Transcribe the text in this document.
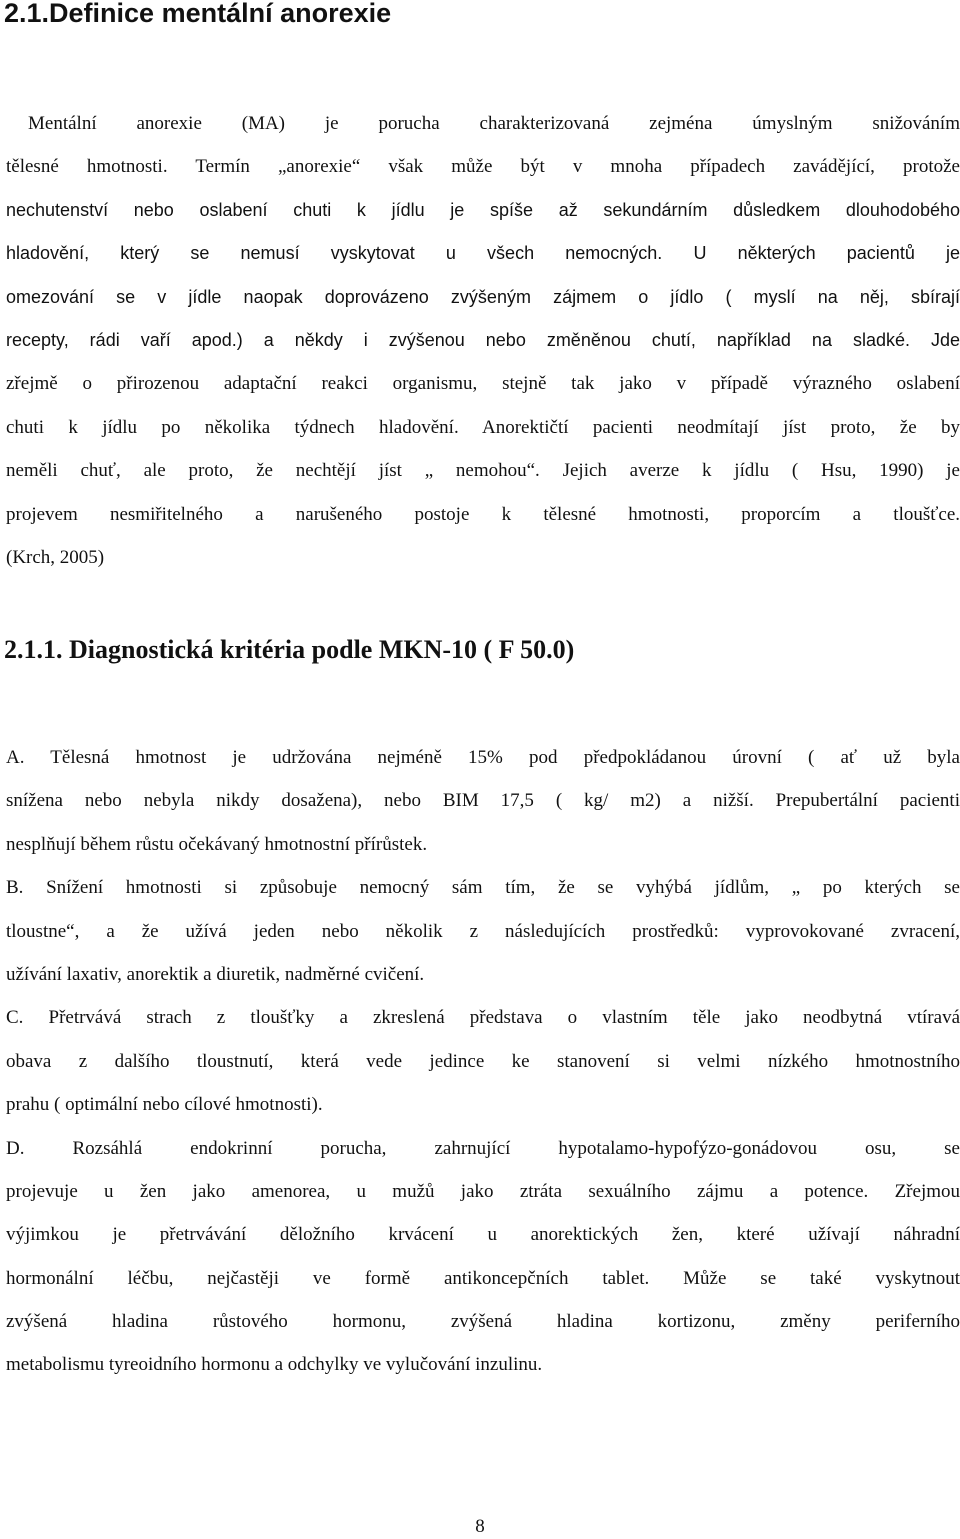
2.1.Definice mentální anorexie
Mentální anorexie (MA) je porucha charakterizovaná zejména úmyslným snižováním
tělesné hmotnosti. Termín „anorexie“ však může být v mnoha případech zavádějící, protože
nechutenství nebo oslabení chuti k jídlu je spíše až sekundárním důsledkem dlouhodobého
hladovění, který se nemusí vyskytovat u všech nemocných. U některých pacientů je
omezování se v jídle naopak doprovázeno zvýšeným zájmem o jídlo ( myslí na něj, sbírají
recepty, rádi vaří apod.) a někdy i zvýšenou nebo změněnou chutí, například na sladké. Jde
zřejmě o přirozenou adaptační reakci organismu, stejně tak jako v případě výrazného oslabení
chuti k jídlu po několika týdnech hladovění. Anorektičtí pacienti neodmítají jíst proto, že by
neměli chuť, ale proto, že nechtějí jíst „ nemohou“. Jejich averze k jídlu ( Hsu, 1990) je
projevem nesmiřitelného a narušeného postoje k tělesné hmotnosti, proporcím a tloušťce.
(Krch, 2005)
2.1.1. Diagnostická kritéria podle MKN-10 ( F 50.0)
A. Tělesná hmotnost je udržována nejméně 15% pod předpokládanou úrovní ( ať už byla
snížena nebo nebyla nikdy dosažena), nebo BIM 17,5 ( kg/ m2) a nižší. Prepubertální pacienti
nesplňují během růstu očekávaný hmotnostní přírůstek.
B. Snížení hmotnosti si způsobuje nemocný sám tím, že se vyhýbá jídlům, „ po kterých se
tloustne“, a že užívá jeden nebo několik z následujících prostředků: vyprovokované zvracení,
užívání laxativ, anorektik a diuretik, nadměrné cvičení.
C. Přetrvává strach z tloušťky a zkreslená představa o vlastním těle jako neodbytná vtíravá
obava z dalšího tloustnutí, která vede jedince ke stanovení si velmi nízkého hmotnostního
prahu ( optimální nebo cílové hmotnosti).
D. Rozsáhlá endokrinní porucha, zahrnující hypotalamo-hypofýzo-gonádovou osu, se
projevuje u žen jako amenorea, u mužů jako ztráta sexuálního zájmu a potence. Zřejmou
výjimkou je přetrvávání děložního krvácení u anorektických žen, které užívají náhradní
hormonální léčbu, nejčastěji ve formě antikoncepčních tablet. Může se také vyskytnout
zvýšená hladina růstového hormonu, zvýšená hladina kortizonu, změny periferního
metabolismu tyreoidního hormonu a odchylky ve vylučování inzulinu.
8
